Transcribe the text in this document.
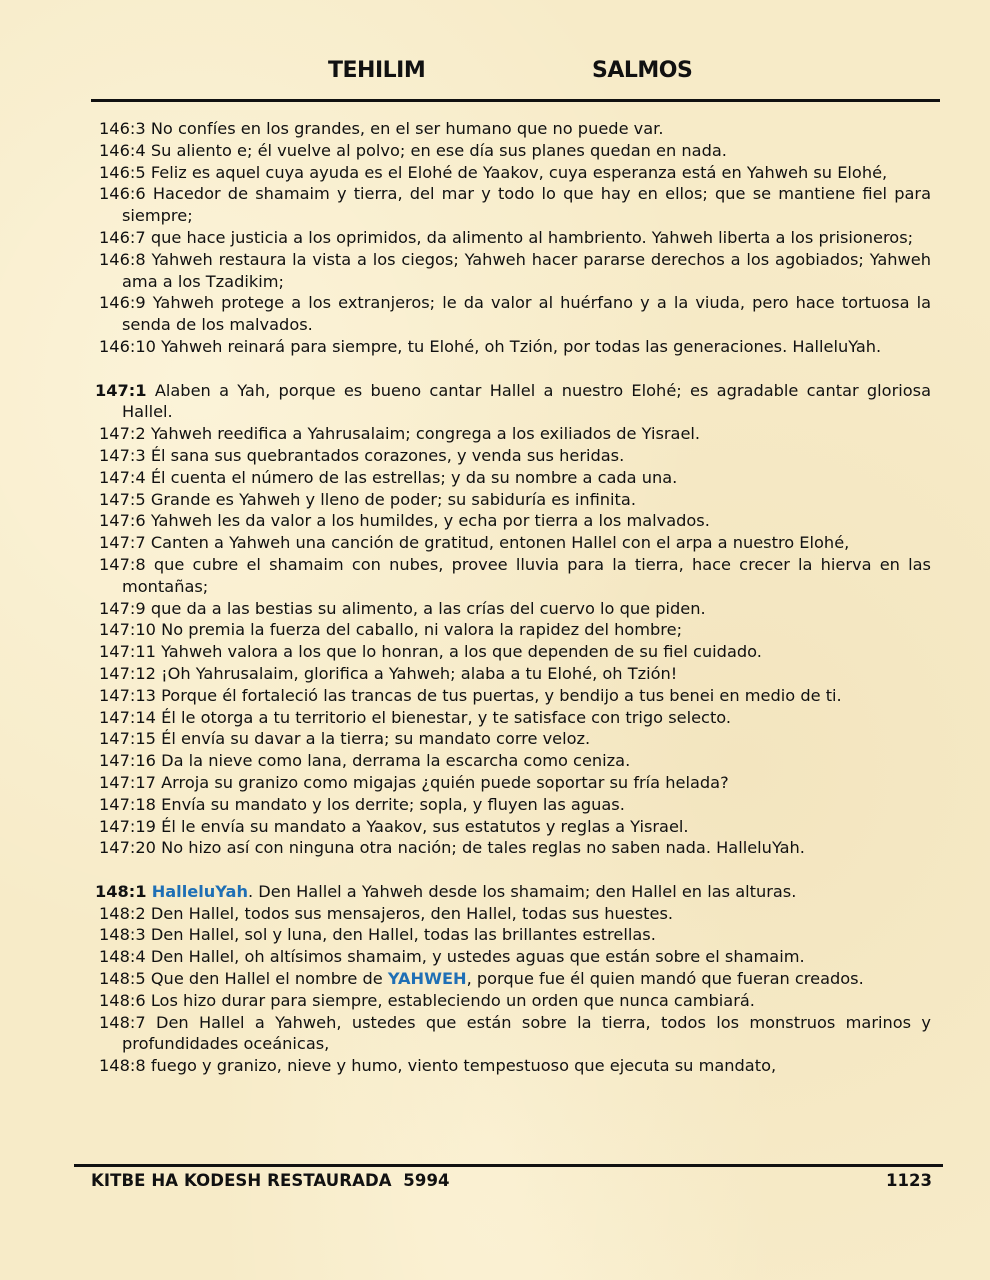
TEHILIM	SALMOS

146:3 No confíes en los grandes, en el ser humano que no puede var.

146:4 Su aliento e; él vuelve al polvo; en ese día sus planes quedan en nada.

146:5 Feliz es aquel cuya ayuda es el Elohé de Yaakov, cuya esperanza está en Yahweh su Elohé,

146:6 Hacedor de shamaim y tierra, del mar y todo lo que hay en ellos; que se mantiene fiel para siempre;

146:7 que hace justicia a los oprimidos, da alimento al hambriento. Yahweh liberta a los prisioneros;

146:8 Yahweh restaura la vista a los ciegos; Yahweh hacer pararse derechos a los agobiados; Yahweh ama a los Tzadikim;

146:9 Yahweh protege a los extranjeros; le da valor al huérfano y a la viuda, pero hace tortuosa la senda de los malvados.

146:10 Yahweh reinará para siempre, tu Elohé, oh Tzión, por todas las generaciones. HalleluYah.

147:1 Alaben a Yah, porque es bueno cantar Hallel a nuestro Elohé; es agradable cantar gloriosa Hallel.

147:2 Yahweh reedifica a Yahrusalaim; congrega a los exiliados de Yisrael.

147:3 Él sana sus quebrantados corazones, y venda sus heridas.

147:4 Él cuenta el número de las estrellas; y da su nombre a cada una.

147:5 Grande es Yahweh y lleno de poder; su sabiduría es infinita.

147:6 Yahweh les da valor a los humildes, y echa por tierra a los malvados.

147:7 Canten a Yahweh una canción de gratitud, entonen Hallel con el arpa a nuestro Elohé,

147:8 que cubre el shamaim con nubes, provee lluvia para la tierra, hace crecer la hierva en las montañas;

147:9 que da a las bestias su alimento, a las crías del cuervo lo que piden.

147:10 No premia la fuerza del caballo, ni valora la rapidez del hombre;

147:11 Yahweh valora a los que lo honran, a los que dependen de su fiel cuidado.

147:12 ¡Oh Yahrusalaim, glorifica a Yahweh; alaba a tu Elohé, oh Tzión!

147:13 Porque él fortaleció las trancas de tus puertas, y bendijo a tus benei en medio de ti.

147:14 Él le otorga a tu territorio el bienestar, y te satisface con trigo selecto.

147:15 Él envía su davar a la tierra; su mandato corre veloz.

147:16 Da la nieve como lana, derrama la escarcha como ceniza.

147:17 Arroja su granizo como migajas ¿quién puede soportar su fría helada?

147:18 Envía su mandato y los derrite; sopla, y fluyen las aguas.

147:19 Él le envía su mandato a Yaakov, sus estatutos y reglas a Yisrael.

147:20 No hizo así con ninguna otra nación; de tales reglas no saben nada. HalleluYah.

148:1 HalleluYah. Den Hallel a Yahweh desde los shamaim; den Hallel en las alturas.

148:2 Den Hallel, todos sus mensajeros, den Hallel, todas sus huestes.

148:3 Den Hallel, sol y luna, den Hallel, todas las brillantes estrellas.

148:4 Den Hallel, oh altísimos shamaim, y ustedes aguas que están sobre el shamaim.

148:5 Que den Hallel el nombre de YAHWEH, porque fue él quien mandó que fueran creados.

148:6 Los hizo durar para siempre, estableciendo un orden que nunca cambiará.

148:7 Den Hallel a Yahweh, ustedes que están sobre la tierra, todos los monstruos marinos y profundidades oceánicas,

148:8 fuego y granizo, nieve y humo, viento tempestuoso que ejecuta su mandato,

KITBE HA KODESH RESTAURADA  5994	1123
